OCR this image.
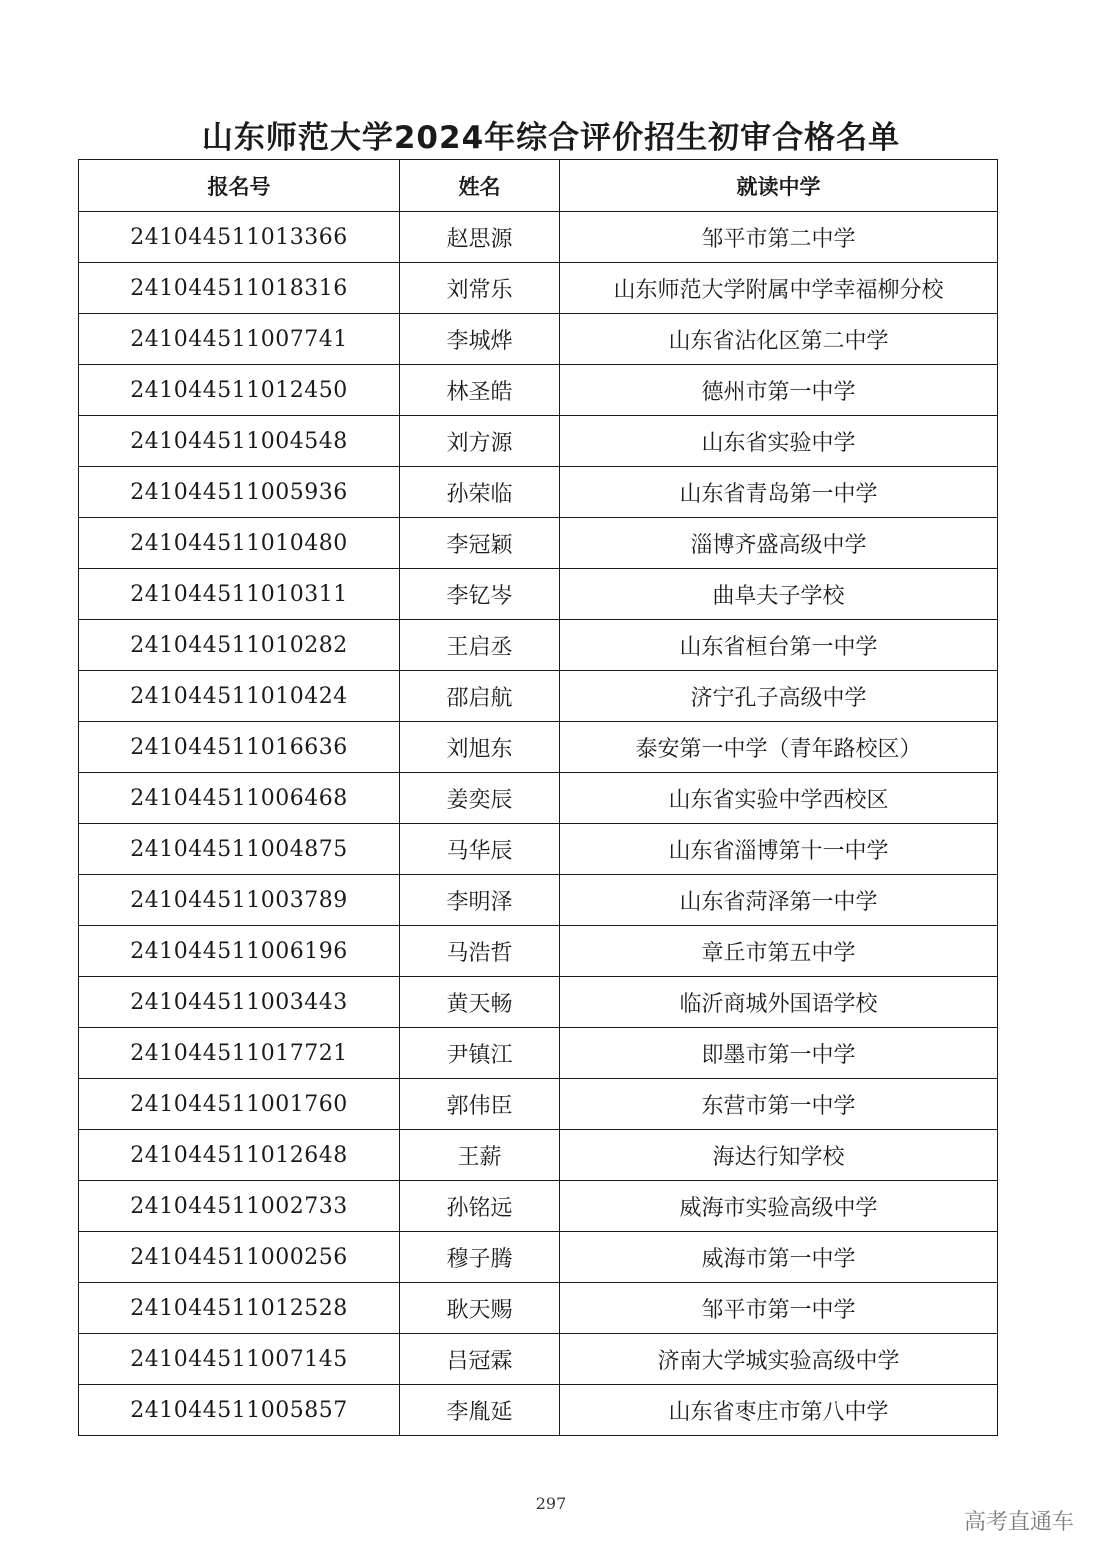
山东师范大学2024年综合评价招生初审合格名单
报名号	姓名	就读中学
241044511013366	赵思源	邹平市第二中学
241044511018316	刘常乐	山东师范大学附属中学幸福柳分校
241044511007741	李城烨	山东省沾化区第二中学
241044511012450	林圣皓	德州市第一中学
241044511004548	刘方源	山东省实验中学
241044511005936	孙荣临	山东省青岛第一中学
241044511010480	李冠颖	淄博齐盛高级中学
241044511010311	李钇岑	曲阜夫子学校
241044511010282	王启丞	山东省桓台第一中学
241044511010424	邵启航	济宁孔子高级中学
241044511016636	刘旭东	泰安第一中学（青年路校区）
241044511006468	姜奕辰	山东省实验中学西校区
241044511004875	马华辰	山东省淄博第十一中学
241044511003789	李明泽	山东省菏泽第一中学
241044511006196	马浩哲	章丘市第五中学
241044511003443	黄天畅	临沂商城外国语学校
241044511017721	尹镇江	即墨市第一中学
241044511001760	郭伟臣	东营市第一中学
241044511012648	王薪	海达行知学校
241044511002733	孙铭远	威海市实验高级中学
241044511000256	穆子腾	威海市第一中学
241044511012528	耿天赐	邹平市第一中学
241044511007145	吕冠霖	济南大学城实验高级中学
241044511005857	李胤延	山东省枣庄市第八中学
297
高考直通车
